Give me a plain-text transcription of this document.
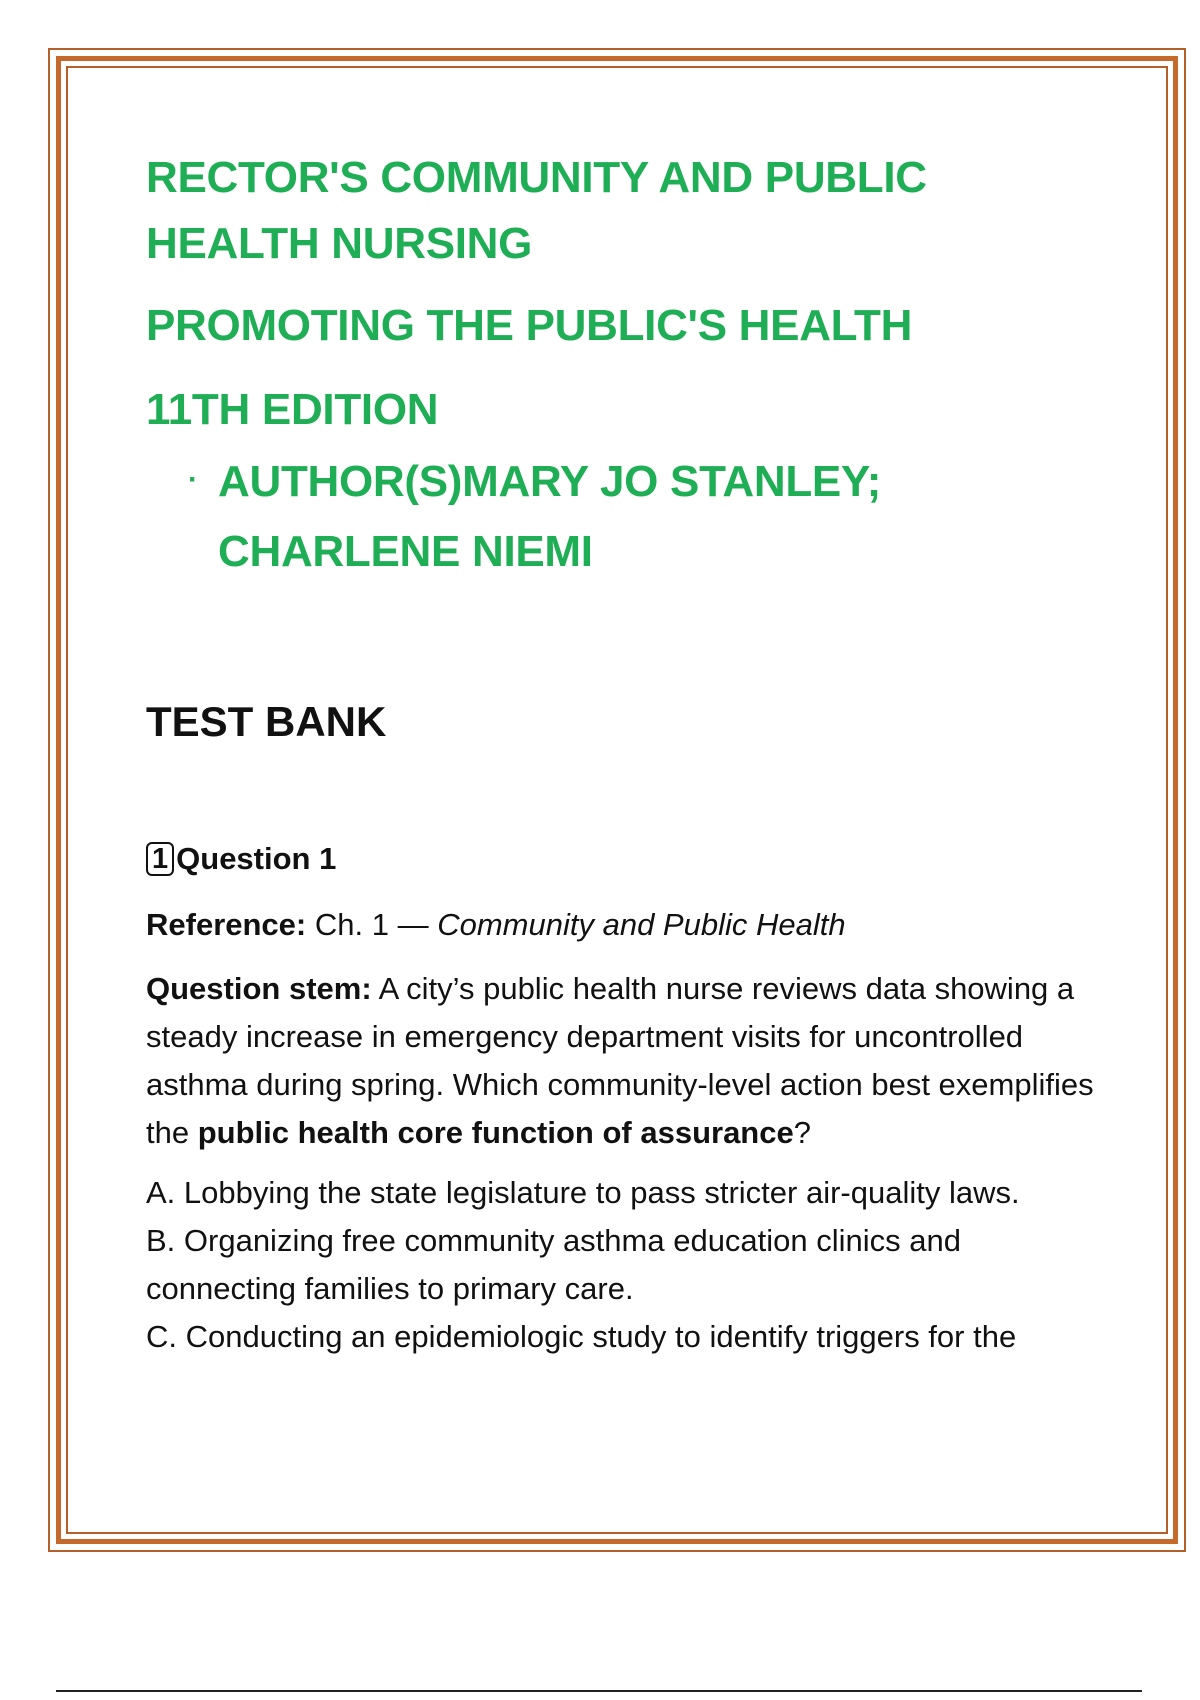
RECTOR'S COMMUNITY AND PUBLIC

HEALTH NURSING

PROMOTING THE PUBLIC'S HEALTH

11TH EDITION

· AUTHOR(S)MARY JO STANLEY;
CHARLENE NIEMI

TEST BANK

1 Question 1

Reference: Ch. 1 — Community and Public Health

Question stem: A city’s public health nurse reviews data showing a steady increase in emergency department visits for uncontrolled asthma during spring. Which community-level action best exemplifies the public health core function of assurance?

A. Lobbying the state legislature to pass stricter air-quality laws.

B. Organizing free community asthma education clinics and connecting families to primary care.

C. Conducting an epidemiologic study to identify triggers for the
